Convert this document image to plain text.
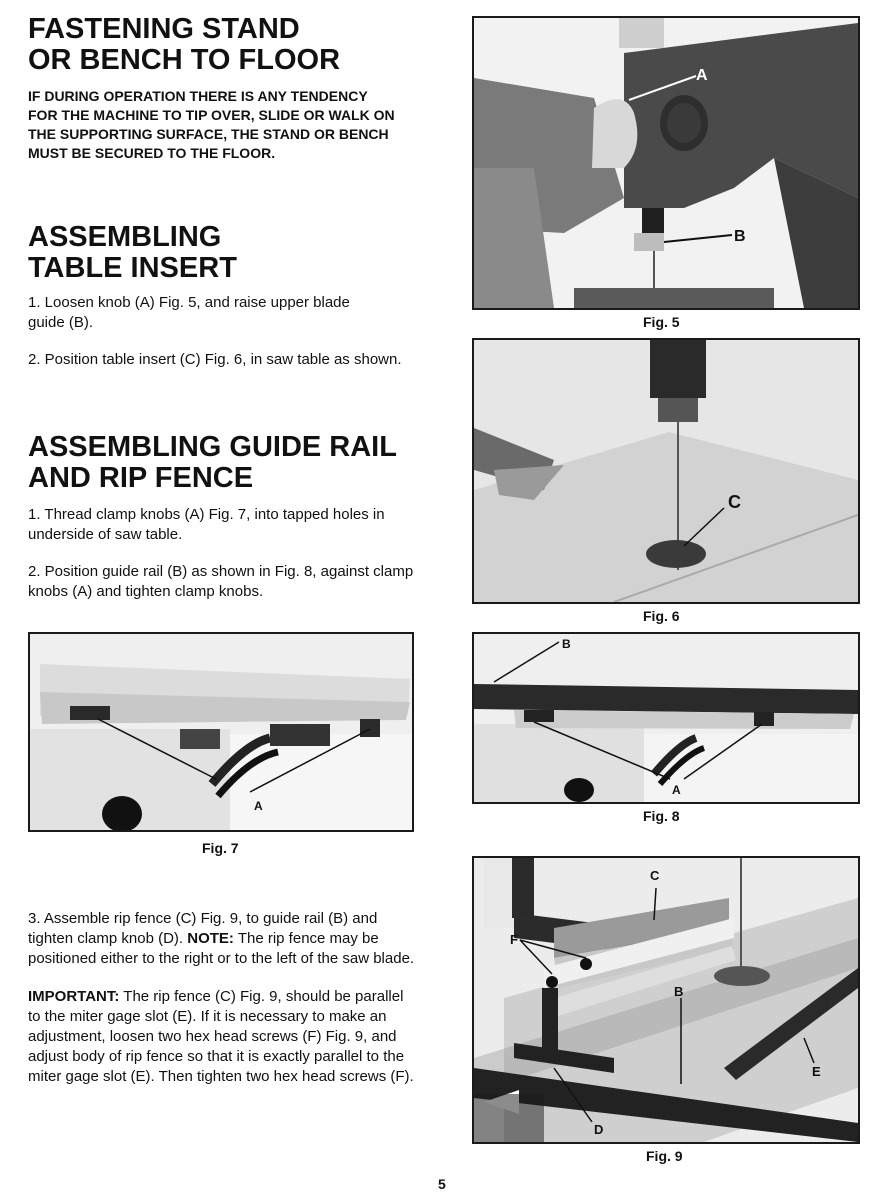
FASTENING STAND
OR BENCH TO FLOOR

IF DURING OPERATION THERE IS ANY TENDENCY
FOR THE MACHINE TO TIP OVER, SLIDE OR WALK ON
THE SUPPORTING SURFACE, THE STAND OR BENCH
MUST BE SECURED TO THE FLOOR.

ASSEMBLING
TABLE INSERT

1. Loosen knob (A) Fig. 5, and raise upper blade
guide (B).

2. Position table insert (C) Fig. 6, in saw table as shown.

ASSEMBLING GUIDE RAIL
AND RIP FENCE

1. Thread clamp knobs (A) Fig. 7, into tapped holes in
underside of saw table.

2. Position guide rail (B) as shown in Fig. 8, against clamp
knobs (A) and tighten clamp knobs.

A
Fig. 7

3. Assemble rip fence (C) Fig. 9, to guide rail (B) and
tighten clamp knob (D). NOTE: The rip fence may be
positioned either to the right or to the left of the saw blade.

IMPORTANT: The rip fence (C) Fig. 9, should be parallel
to the miter gage slot (E). If it is necessary to make an
adjustment, loosen two hex head screws (F) Fig. 9, and
adjust body of rip fence so that it is exactly parallel to the
miter gage slot (E). Then tighten two hex head screws (F).

A
B
Fig. 5
C
Fig. 6
A
B
Fig. 8
C
F
B
E
D
Fig. 9
5
